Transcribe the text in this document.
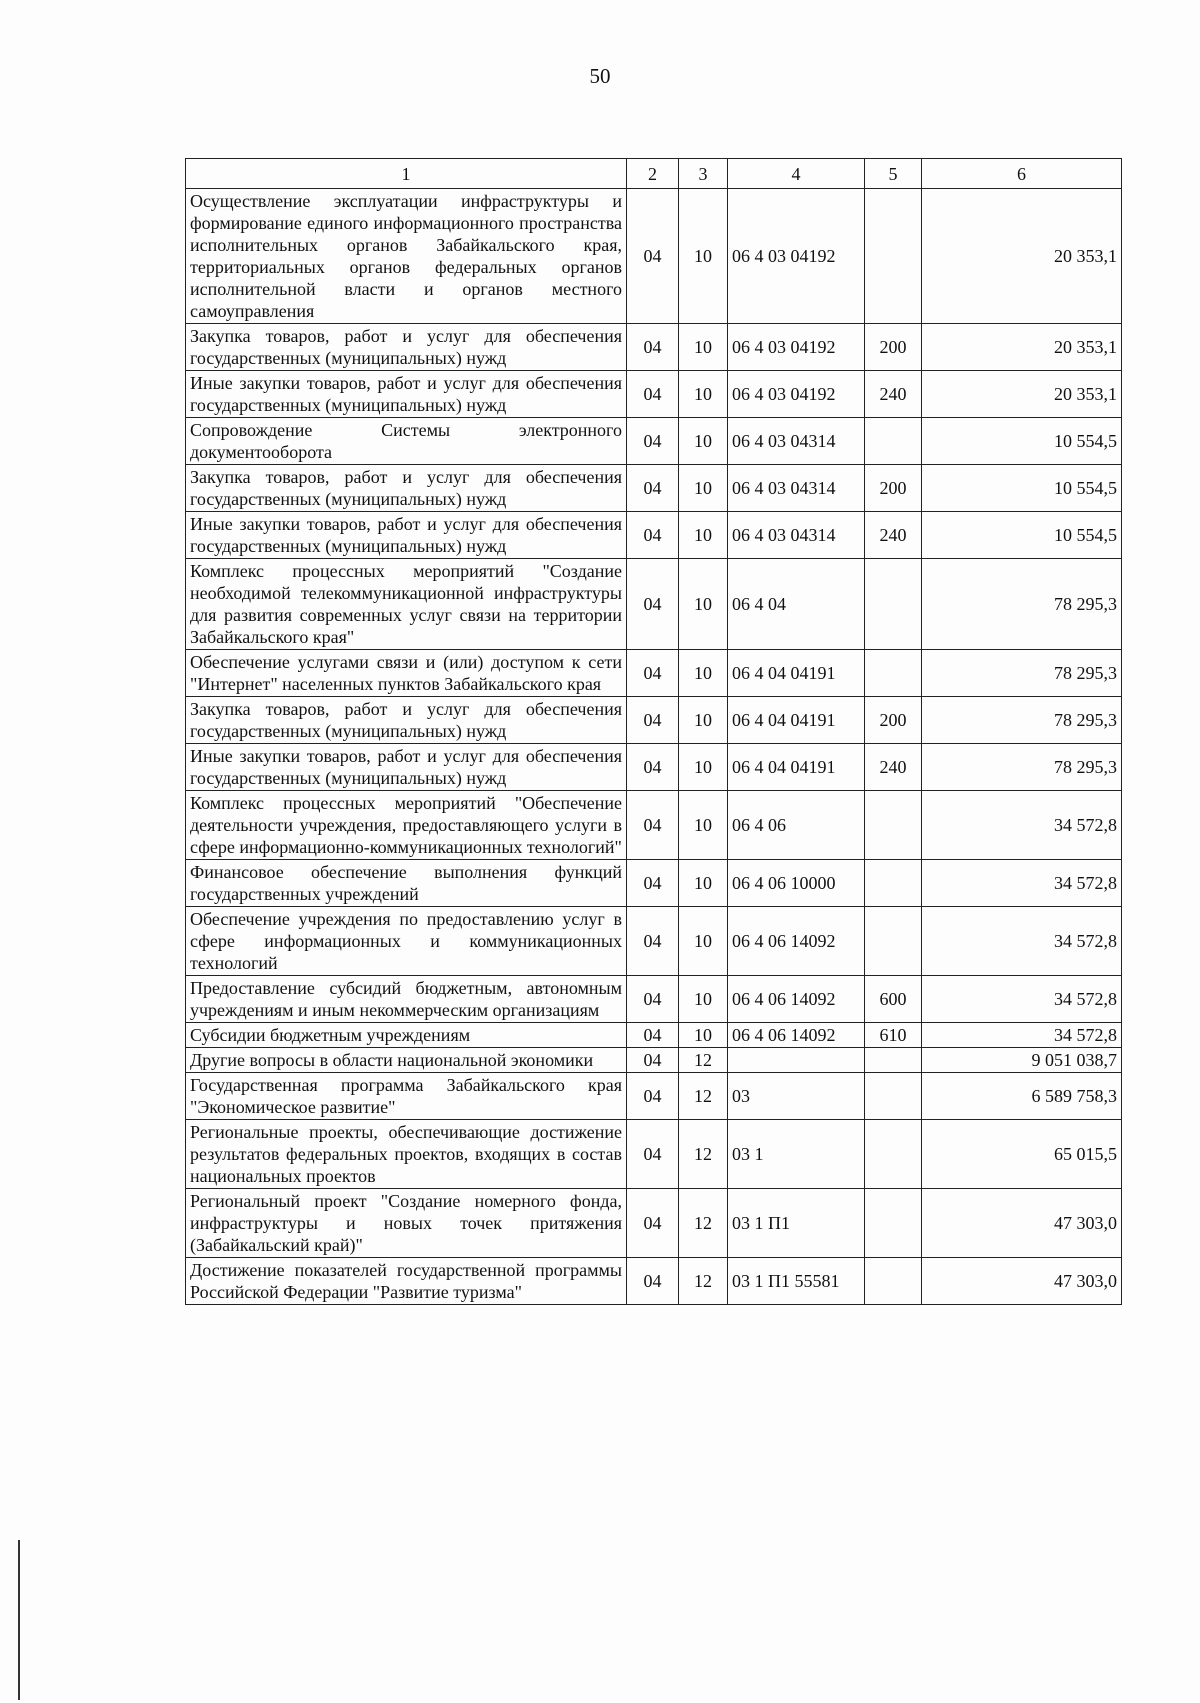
50
1	2	3	4	5	6
Осуществление эксплуатации инфраструктуры и формирование единого информационного пространства исполнительных органов Забайкальского края, территориальных органов федеральных органов исполнительной власти и органов местного самоуправления	04	10	06 4 03 04192		20 353,1
Закупка товаров, работ и услуг для обеспечения государственных (муниципальных) нужд	04	10	06 4 03 04192	200	20 353,1
Иные закупки товаров, работ и услуг для обеспечения государственных (муниципальных) нужд	04	10	06 4 03 04192	240	20 353,1
Сопровождение Системы электронного документооборота	04	10	06 4 03 04314		10 554,5
Закупка товаров, работ и услуг для обеспечения государственных (муниципальных) нужд	04	10	06 4 03 04314	200	10 554,5
Иные закупки товаров, работ и услуг для обеспечения государственных (муниципальных) нужд	04	10	06 4 03 04314	240	10 554,5
Комплекс процессных мероприятий "Создание необходимой телекоммуникационной инфраструктуры для развития современных услуг связи на территории Забайкальского края"	04	10	06 4 04		78 295,3
Обеспечение услугами связи и (или) доступом к сети "Интернет" населенных пунктов Забайкальского края	04	10	06 4 04 04191		78 295,3
Закупка товаров, работ и услуг для обеспечения государственных (муниципальных) нужд	04	10	06 4 04 04191	200	78 295,3
Иные закупки товаров, работ и услуг для обеспечения государственных (муниципальных) нужд	04	10	06 4 04 04191	240	78 295,3
Комплекс процессных мероприятий "Обеспечение деятельности учреждения, предоставляющего услуги в сфере информационно-коммуникационных технологий"	04	10	06 4 06		34 572,8
Финансовое обеспечение выполнения функций государственных учреждений	04	10	06 4 06 10000		34 572,8
Обеспечение учреждения по предоставлению услуг в сфере информационных и коммуникационных технологий	04	10	06 4 06 14092		34 572,8
Предоставление субсидий бюджетным, автономным учреждениям и иным некоммерческим организациям	04	10	06 4 06 14092	600	34 572,8
Субсидии бюджетным учреждениям	04	10	06 4 06 14092	610	34 572,8
Другие вопросы в области национальной экономики	04	12			9 051 038,7
Государственная программа Забайкальского края "Экономическое развитие"	04	12	03		6 589 758,3
Региональные проекты, обеспечивающие достижение результатов федеральных проектов, входящих в состав национальных проектов	04	12	03 1		65 015,5
Региональный проект "Создание номерного фонда, инфраструктуры и новых точек притяжения (Забайкальский край)"	04	12	03 1 П1		47 303,0
Достижение показателей государственной программы Российской Федерации "Развитие туризма"	04	12	03 1 П1 55581		47 303,0
